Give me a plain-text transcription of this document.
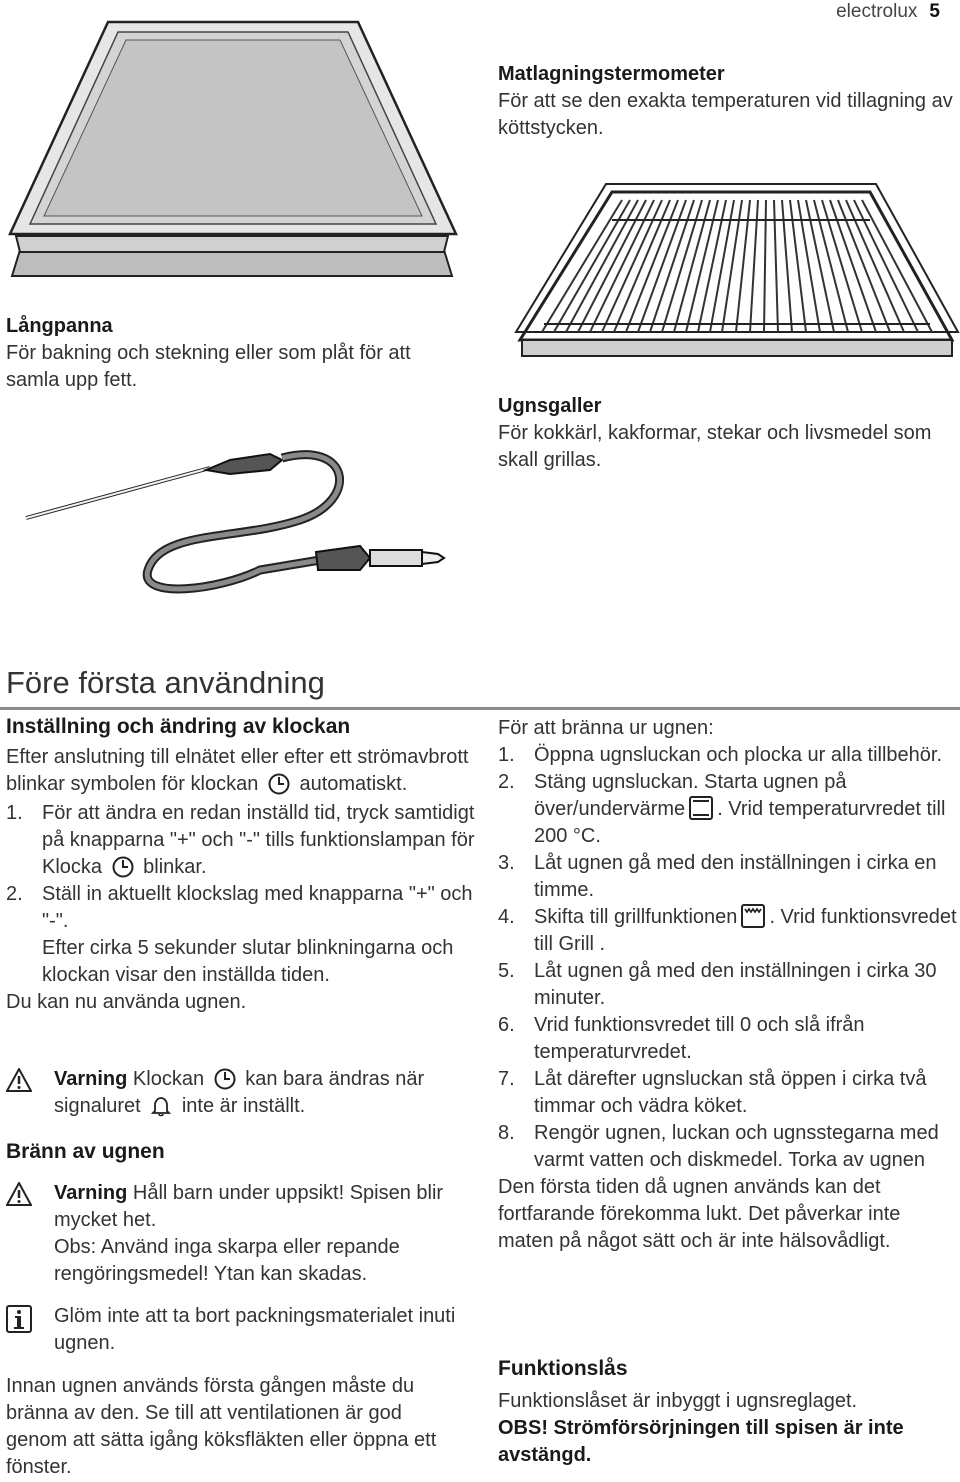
electrolux 5
Matlagningstermometer
För att se den exakta temperaturen vid tillagning av köttstycken.
Långpanna
För bakning och stekning eller som plåt för att samla upp fett.
Ugnsgaller
För kokkärl, kakformar, stekar och livsmedel som skall grillas.
Före första användning
Inställning och ändring av klockan
Efter anslutning till elnätet eller efter ett strömavbrott blinkar symbolen för klockan automatiskt.
1. För att ändra en redan inställd tid, tryck samtidigt på knapparna "+" och "-" tills funktionslampan för Klocka blinkar.
2. Ställ in aktuellt klockslag med knapparna "+" och "-".
Efter cirka 5 sekunder slutar blinkningarna och klockan visar den inställda tiden.
Du kan nu använda ugnen.
Varning Klockan kan bara ändras när signaluret inte är inställt.
Bränn av ugnen
Varning Håll barn under uppsikt! Spisen blir mycket het.
Obs: Använd inga skarpa eller repande rengöringsmedel! Ytan kan skadas.
Glöm inte att ta bort packningsmaterialet inuti ugnen.
Innan ugnen används första gången måste du bränna av den. Se till att ventilationen är god genom att sätta igång köksfläkten eller öppna ett fönster.
För att bränna ur ugnen:
1. Öppna ugnsluckan och plocka ur alla tillbehör.
2. Stäng ugnsluckan. Starta ugnen på över/undervärme . Vrid temperaturvredet till
200 °C.
3. Låt ugnen gå med den inställningen i cirka en timme.
4. Skifta till grillfunktionen . Vrid funktionsvredet till Grill .
5. Låt ugnen gå med den inställningen i cirka 30 minuter.
6. Vrid funktionsvredet till 0 och slå ifrån temperaturvredet.
7. Låt därefter ugnsluckan stå öppen i cirka två timmar och vädra köket.
8. Rengör ugnen, luckan och ugnsstegarna med varmt vatten och diskmedel. Torka av ugnen
Den första tiden då ugnen används kan det fortfarande förekomma lukt. Det påverkar inte maten på något sätt och är inte hälsovådligt.
Funktionslås
Funktionslåset är inbyggt i ugnsreglaget.
OBS! Strömförsörjningen till spisen är inte avstängd.
